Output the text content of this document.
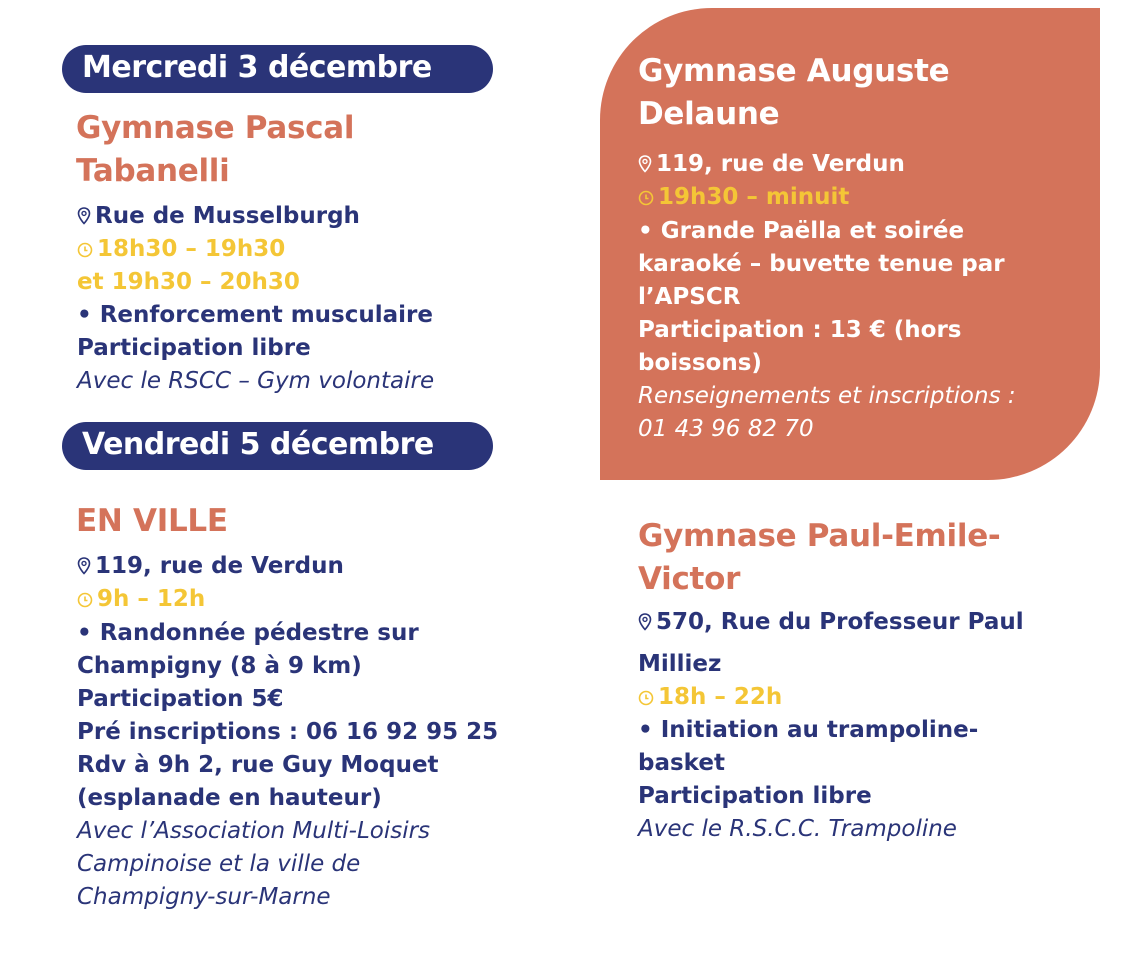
Mercredi 3 décembre
Gymnase Pascal
Tabanelli
Rue de Musselburgh
18h30 – 19h30
et 19h30 – 20h30
• Renforcement musculaire
Participation libre
Avec le RSCC – Gym volontaire
Vendredi 5 décembre
EN VILLE
119, rue de Verdun
9h – 12h
• Randonnée pédestre sur
Champigny (8 à 9 km)
Participation 5€
Pré inscriptions : 06 16 92 95 25
Rdv à 9h 2, rue Guy Moquet
(esplanade en hauteur)
Avec l’Association Multi-Loisirs
Campinoise et la ville de
Champigny-sur-Marne
Gymnase Auguste
Delaune
119, rue de Verdun
19h30 – minuit
• Grande Paëlla et soirée
karaoké – buvette tenue par
l’APSCR
Participation : 13 € (hors
boissons)
Renseignements et inscriptions :
01 43 96 82 70
Gymnase Paul-Emile-
Victor
570, Rue du Professeur Paul
Milliez
18h – 22h
• Initiation au trampoline-
basket
Participation libre
Avec le R.S.C.C. Trampoline
